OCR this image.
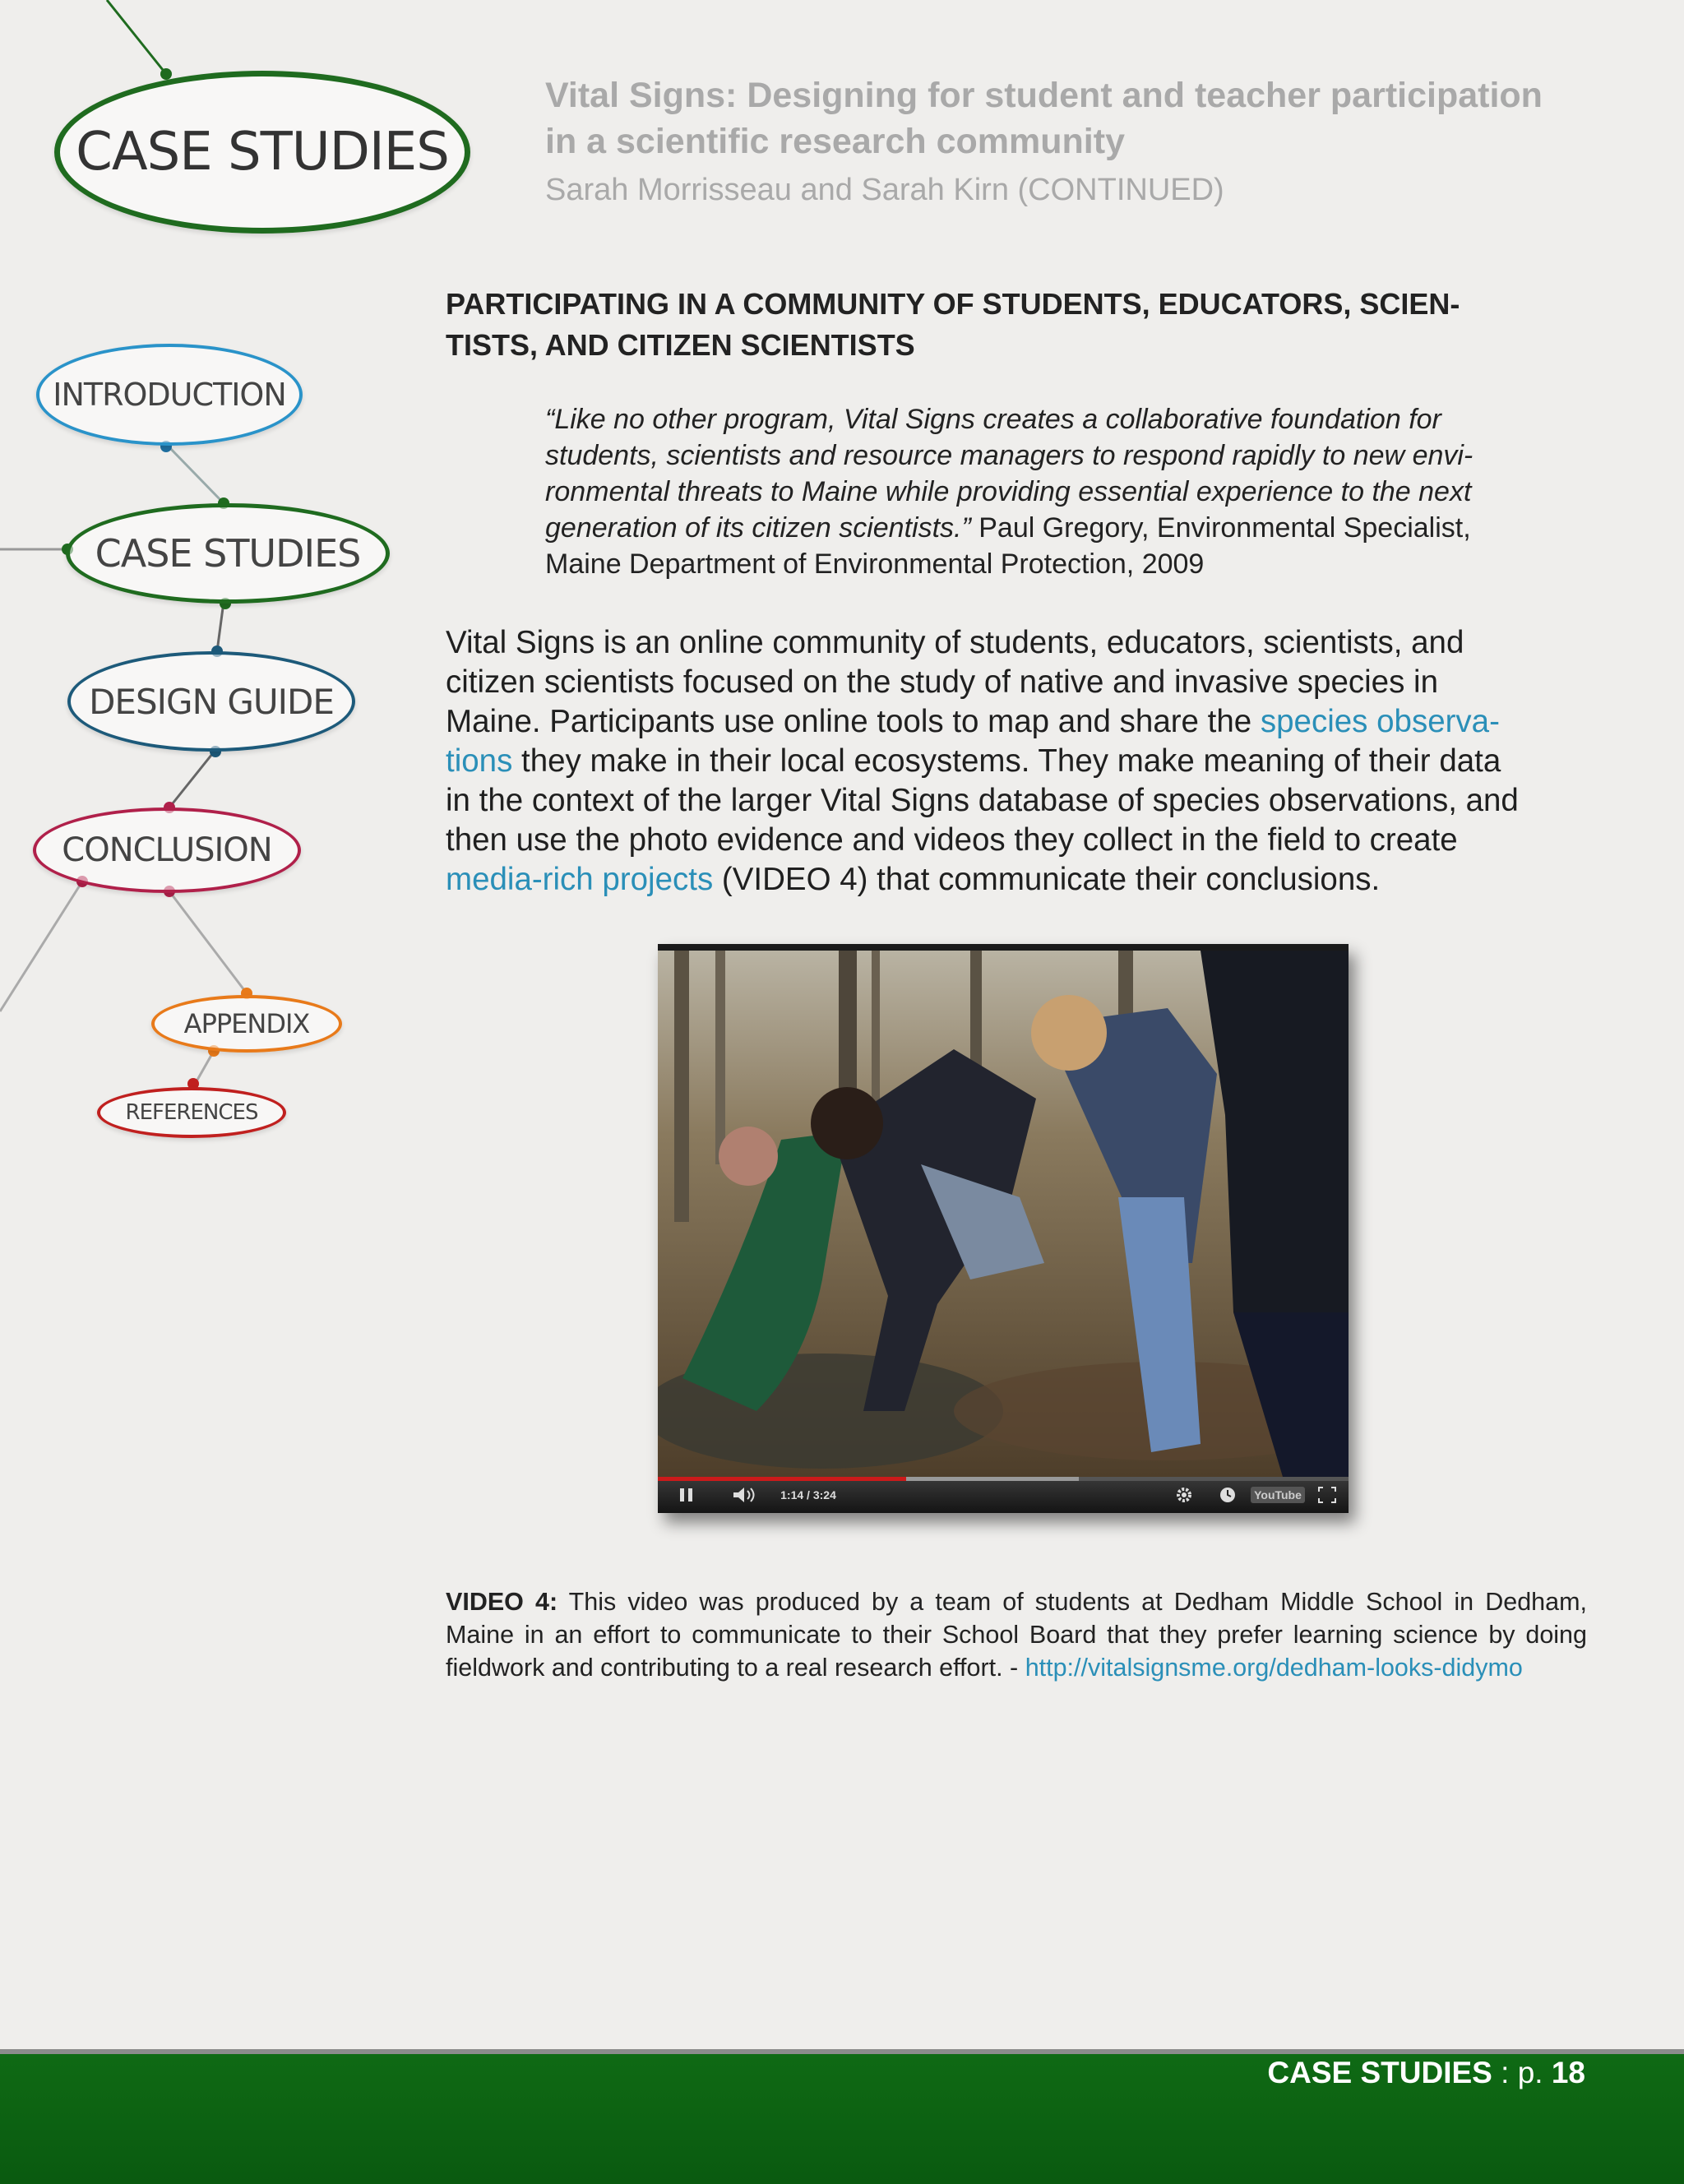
CASE STUDIES
INTRODUCTION
CASE STUDIES
DESIGN GUIDE
CONCLUSION
APPENDIX
REFERENCES
Vital Signs: Designing for student and teacher participation
in a scientific research community
Sarah Morrisseau and Sarah Kirn (CONTINUED)
PARTICIPATING IN A COMMUNITY OF STUDENTS, EDUCATORS, SCIEN-
TISTS, AND CITIZEN SCIENTISTS
“Like no other program, Vital Signs creates a collaborative foundation for
students, scientists and resource managers to respond rapidly to new envi-
ronmental threats to Maine while providing essential experience to the next
generation of its citizen scientists.” Paul Gregory, Environmental Specialist,
Maine Department of Environmental Protection, 2009
Vital Signs is an online community of students, educators, scientists, and
citizen scientists focused on the study of native and invasive species in
Maine. Participants use online tools to map and share the species observa-
tions they make in their local ecosystems. They make meaning of their data
in the context of the larger Vital Signs database of species observations, and
then use the photo evidence and videos they collect in the field to create
media-rich projects (VIDEO 4) that communicate their conclusions.
1:14 / 3:24	YouTube
VIDEO 4: This video was produced by a team of students at Dedham Middle School in Dedham, Maine in an effort to communicate to their School Board that they prefer learning science by doing fieldwork and contributing to a real research effort. - http://vitalsignsme.org/dedham-looks-didymo
CASE STUDIES : p. 18
